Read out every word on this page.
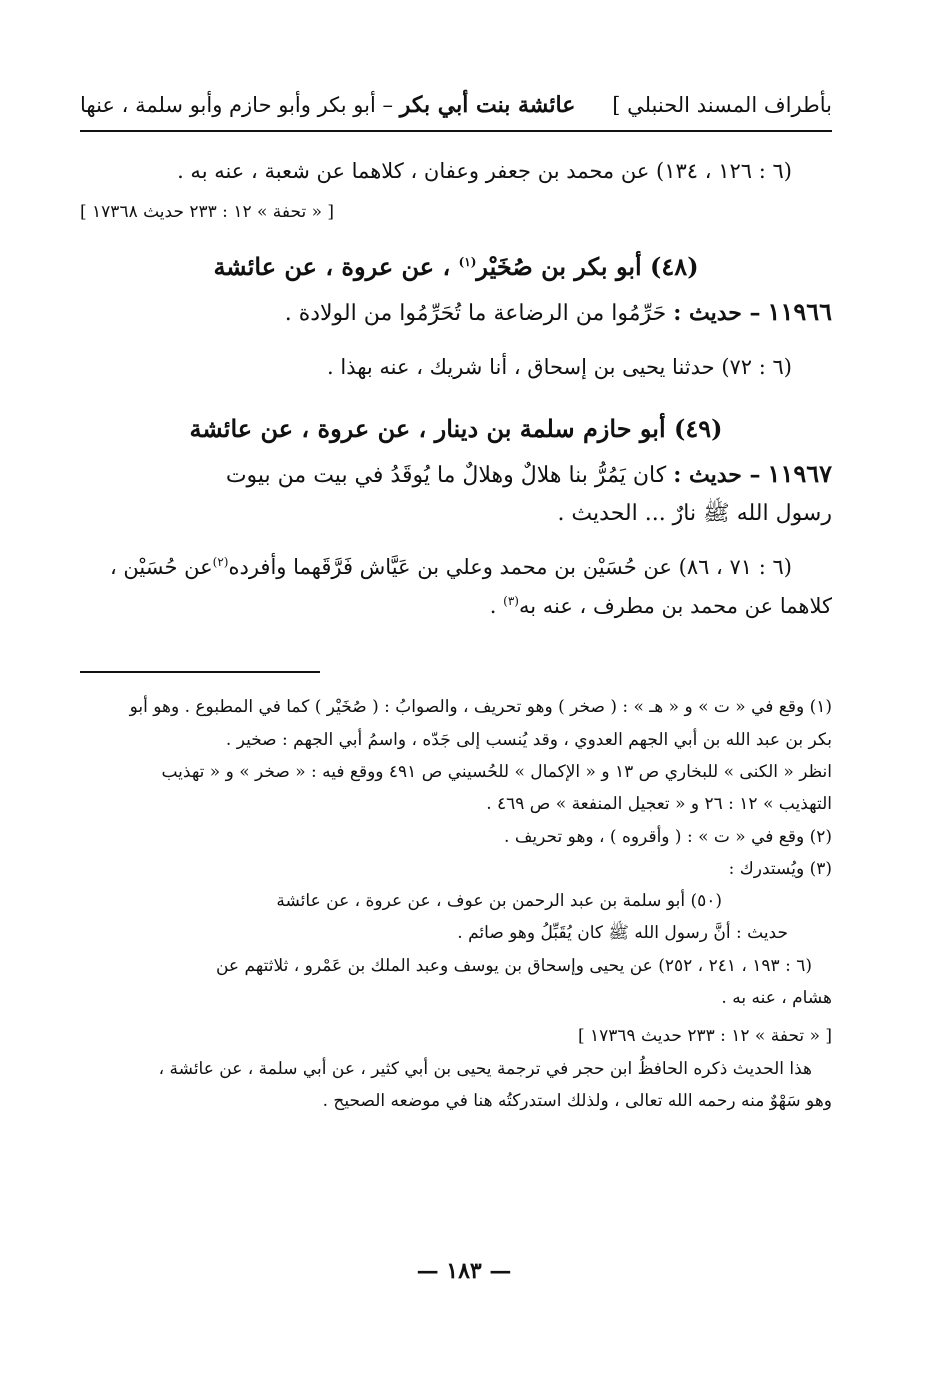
بأطراف المسند الحنبلي ]
عائشة بنت أبي بكر – أبو بكر وأبو حازم وأبو سلمة ، عنها
(٦ : ١٢٦ ، ١٣٤) عن محمد بن جعفر وعفان ، كلاهما عن شعبة ، عنه به .
[ « تحفة » ١٢ : ٢٣٣ حديث ١٧٣٦٨ ]
(٤٨) أبو بكر بن صُخَيْر$^{(١)}$ ، عن عروة ، عن عائشة
١١٩٦٦ – حديث : حَرِّمُوا من الرضاعة ما تُحَرِّمُوا من الولادة .
(٦ : ٧٢) حدثنا يحيى بن إسحاق ، أنا شريك ، عنه بهذا .
(٤٩) أبو حازم سلمة بن دينار ، عن عروة ، عن عائشة
١١٩٦٧ – حديث : كان يَمُرُّ بنا هلالٌ وهلالٌ ما يُوقَدُ في بيت من بيوت
رسول الله ﷺ نارٌ ... الحديث .
(٦ : ٧١ ، ٨٦) عن حُسَيْن بن محمد وعلي بن عَيَّاش فَرَّقَهما وأفرده$^{(٢)}$عن حُسَيْن ،
كلاهما عن محمد بن مطرف ، عنه به$^{(٣)}$ .
(١) وقع في « ت » و « هـ » : ( صخر ) وهو تحريف ، والصوابُ : ( صُخَيْر ) كما في المطبوع . وهو أبو
بكر بن عبد الله بن أبي الجهم العدوي ، وقد يُنسب إلى جَدّه ، واسمُ أبي الجهم : صخير .
انظر « الكنى » للبخاري ص ١٣ و « الإكمال » للحُسيني ص ٤٩١ ووقع فيه : « صخر » و « تهذيب
التهذيب » ١٢ : ٢٦ و « تعجيل المنفعة » ص ٤٦٩ .
(٢) وقع في « ت » : ( وأقروه ) ، وهو تحريف .
(٣) ويُستدرك :
(٥٠) أبو سلمة بن عبد الرحمن بن عوف ، عن عروة ، عن عائشة
حديث : أنَّ رسول الله ﷺ كان يُقَبِّلُ وهو صائم .
(٦ : ١٩٣ ، ٢٤١ ، ٢٥٢) عن يحيى وإسحاق بن يوسف وعبد الملك بن عَمْرو ، ثلاثتهم عن
هشام ، عنه به .
[ « تحفة » ١٢ : ٢٣٣ حديث ١٧٣٦٩ ]
هذا الحديث ذكره الحافظُ ابن حجر في ترجمة يحيى بن أبي كثير ، عن أبي سلمة ، عن عائشة ،
وهو سَهْوٌ منه رحمه الله تعالى ، ولذلك استدركتُه هنا في موضعه الصحيح .
— ١٨٣ —
